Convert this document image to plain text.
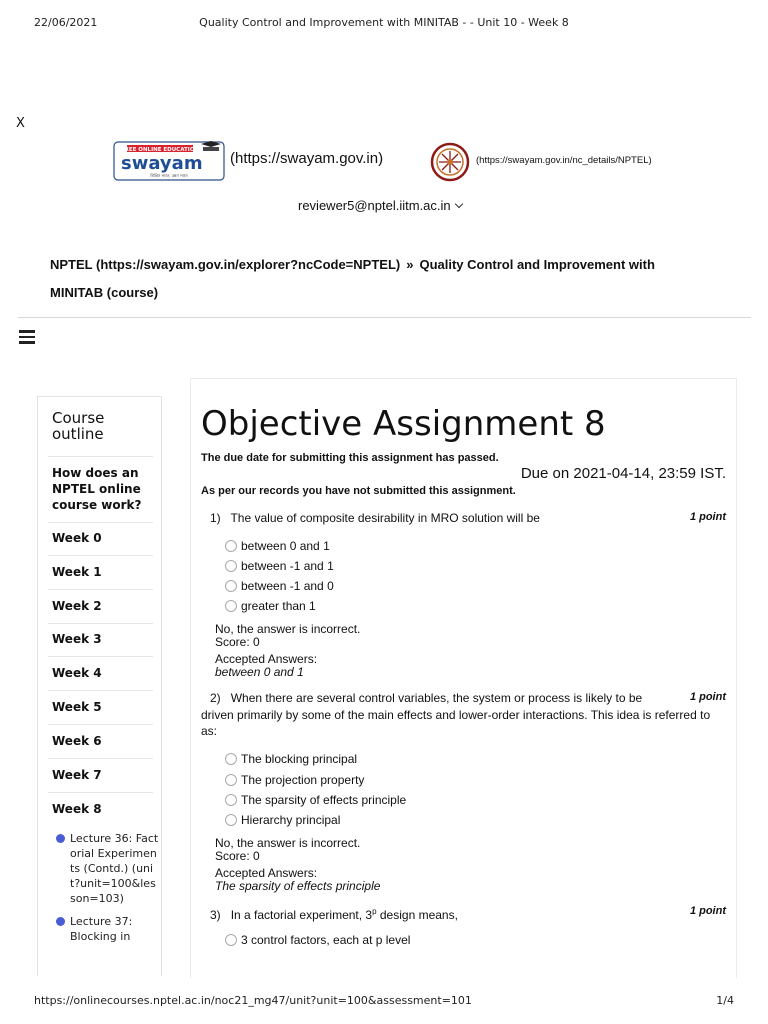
22/06/2021	Quality Control and Improvement with MINITAB - - Unit 10 - Week 8
X
FREE ONLINE EDUCATION
swayam
शिक्षित भारत, उन्नत भारत
(https://swayam.gov.in)	(https://swayam.gov.in/nc_details/NPTEL)
reviewer5@nptel.iitm.ac.in
NPTEL (https://swayam.gov.in/explorer?ncCode=NPTEL) » Quality Control and Improvement with MINITAB (course)
Course outline
How does an NPTEL online course work?
Week 0
Week 1
Week 2
Week 3
Week 4
Week 5
Week 6
Week 7
Week 8
Lecture 36: Factorial Experiments (Contd.) (unit?unit=100&lesson=103)
Lecture 37: Blocking in
Objective Assignment 8
The due date for submitting this assignment has passed.
Due on 2021-04-14, 23:59 IST.
As per our records you have not submitted this assignment.
1) The value of composite desirability in MRO solution will be	1 point
between 0 and 1
between -1 and 1
between -1 and 0
greater than 1
No, the answer is incorrect.
Score: 0
Accepted Answers:
between 0 and 1
2) When there are several control variables, the system or process is likely to be
driven primarily by some of the main effects and lower-order interactions. This idea is referred to as:
1 point
The blocking principal
The projection property
The sparsity of effects principle
Hierarchy principal
No, the answer is incorrect.
Score: 0
Accepted Answers:
The sparsity of effects principle
3) In a factorial experiment, 3$^p$ design means,	1 point
3 control factors, each at p level
https://onlinecourses.nptel.ac.in/noc21_mg47/unit?unit=100&assessment=101	1/4
